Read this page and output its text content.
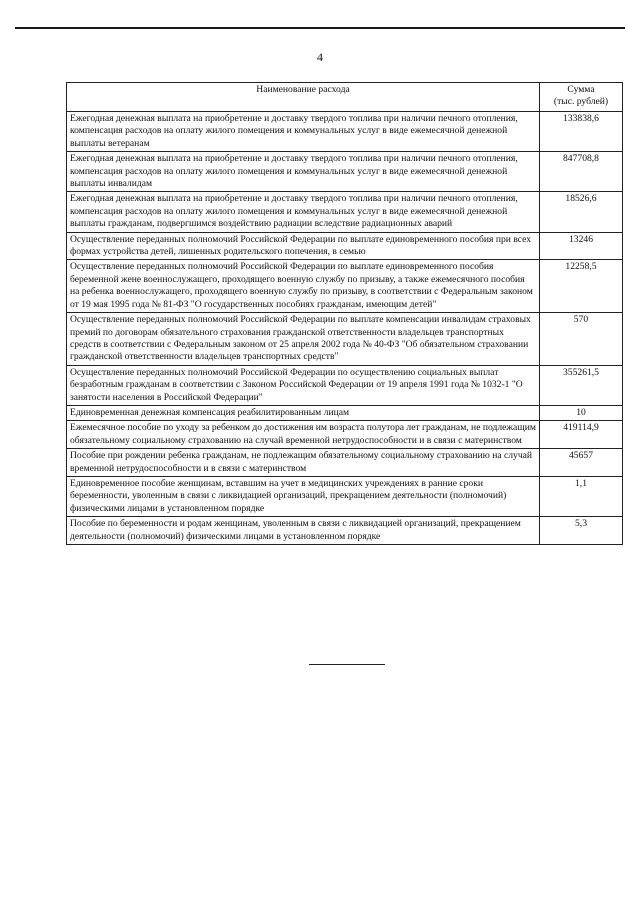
4
Наименование расхода	Сумма
(тыс. рублей)
Ежегодная денежная выплата на приобретение и доставку твердого топлива при наличии печного отопления, компенсация расходов на оплату жилого помещения и коммунальных услуг в виде ежемесячной денежной выплаты ветеранам	133838,6
Ежегодная денежная выплата на приобретение и доставку твердого топлива при наличии печного отопления, компенсация расходов на оплату жилого помещения и коммунальных услуг в виде ежемесячной денежной выплаты инвалидам	847708,8
Ежегодная денежная выплата на приобретение и доставку твердого топлива при наличии печного отопления, компенсация расходов на оплату жилого помещения и коммунальных услуг в виде ежемесячной денежной выплаты гражданам, подвергшимся воздействию радиации вследствие радиационных аварий	18526,6
Осуществление переданных полномочий Российской Федерации по выплате единовременного пособия при всех формах устройства детей, лишенных родительского попечения, в семью	13246
Осуществление переданных полномочий Российской Федерации по выплате единовременного пособия беременной жене военнослужащего, проходящего военную службу по призыву, а также ежемесячного пособия на ребенка военнослужащего, проходящего военную службу по призыву, в соответствии с Федеральным законом от 19 мая 1995 года № 81-ФЗ "О государственных пособиях гражданам, имеющим детей"	12258,5
Осуществление переданных полномочий Российской Федерации по выплате компенсации инвалидам страховых премий по договорам обязательного страхования гражданской ответственности владельцев транспортных средств в соответствии с Федеральным законом от 25 апреля 2002 года № 40-ФЗ "Об обязательном страховании гражданской ответственности владельцев транспортных средств"	570
Осуществление переданных полномочий Российской Федерации по осуществлению социальных выплат безработным гражданам в соответствии с Законом Российской Федерации от 19 апреля 1991 года № 1032-1 "О занятости населения в Российской Федерации"	355261,5
Единовременная денежная компенсация реабилитированным лицам	10
Ежемесячное пособие по уходу за ребенком до достижения им возраста полутора лет гражданам, не подлежащим обязательному социальному страхованию на случай временной нетрудоспособности и в связи с материнством	419114,9
Пособие при рождении ребенка гражданам, не подлежащим обязательному социальному страхованию на случай временной нетрудоспособности и в связи с материнством	45657
Единовременное пособие женщинам, вставшим на учет в медицинских учреждениях в ранние сроки беременности, уволенным в связи с ликвидацией организаций, прекращением деятельности (полномочий) физическими лицами в установленном порядке	1,1
Пособие по беременности и родам женщинам, уволенным в связи с ликвидацией организаций, прекращением деятельности (полномочий) физическими лицами в установленном порядке	5,3
